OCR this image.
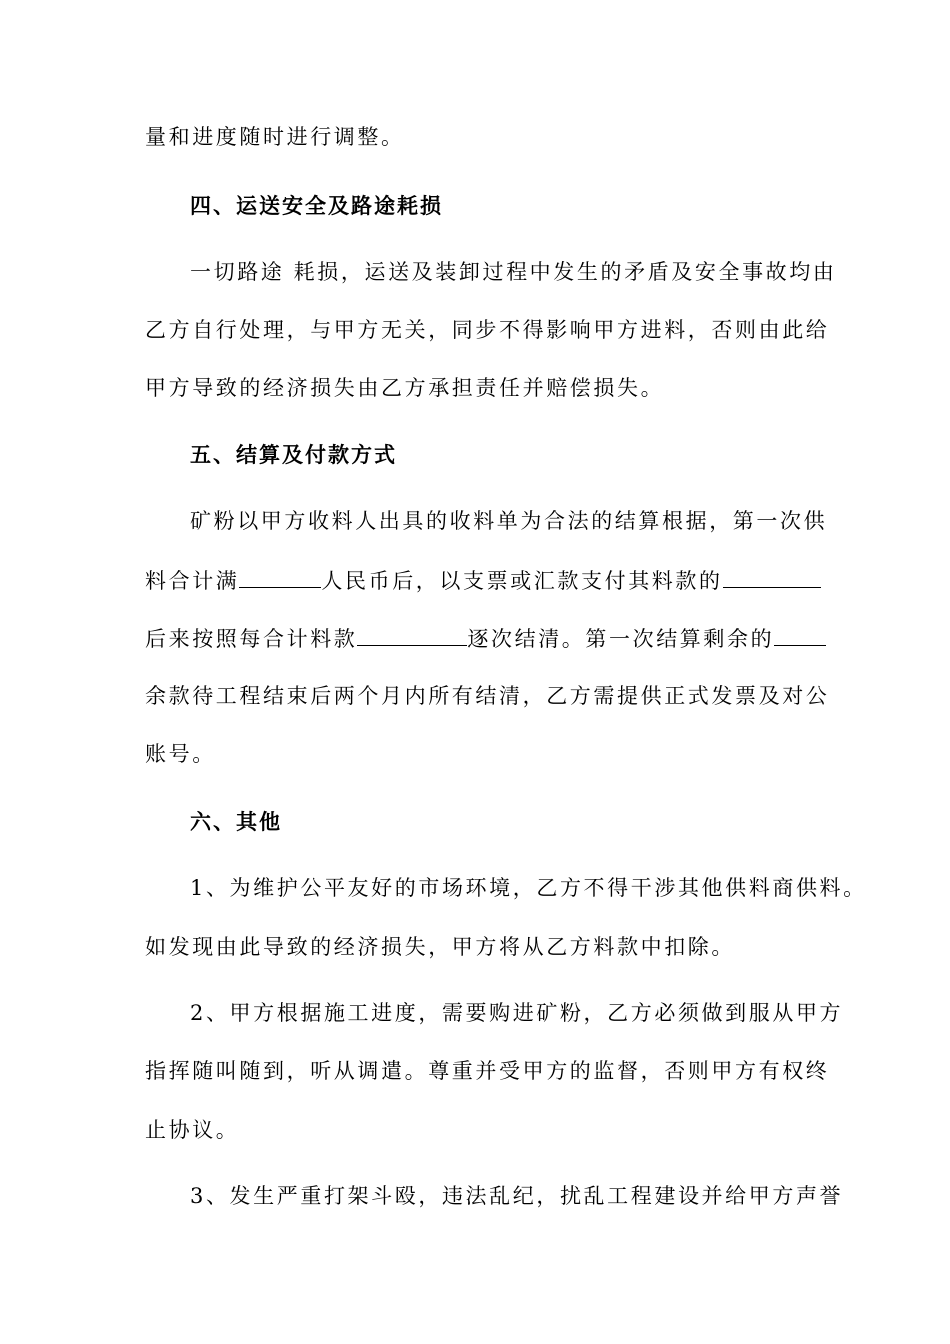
量和进度随时进行调整。
四、运送安全及路途耗损
一切路途 耗损，运送及装卸过程中发生的矛盾及安全事故均由
乙方自行处理，与甲方无关，同步不得影响甲方进料，否则由此给
甲方导致的经济损失由乙方承担责任并赔偿损失。
五、结算及付款方式
矿粉以甲方收料人出具的收料单为合法的结算根据，第一次供
料合计满	人民币后，以支票或汇款支付其料款的
后来按照每合计料款	逐次结清。第一次结算剩余的
余款待工程结束后两个月内所有结清，乙方需提供正式发票及对公
账号。
六、其他
1、为维护公平友好的市场环境，乙方不得干涉其他供料商供料。
如发现由此导致的经济损失，甲方将从乙方料款中扣除。
2、甲方根据施工进度，需要购进矿粉，乙方必须做到服从甲方
指挥随叫随到，听从调遣。尊重并受甲方的监督，否则甲方有权终
止协议。
3、发生严重打架斗殴，违法乱纪，扰乱工程建设并给甲方声誉
